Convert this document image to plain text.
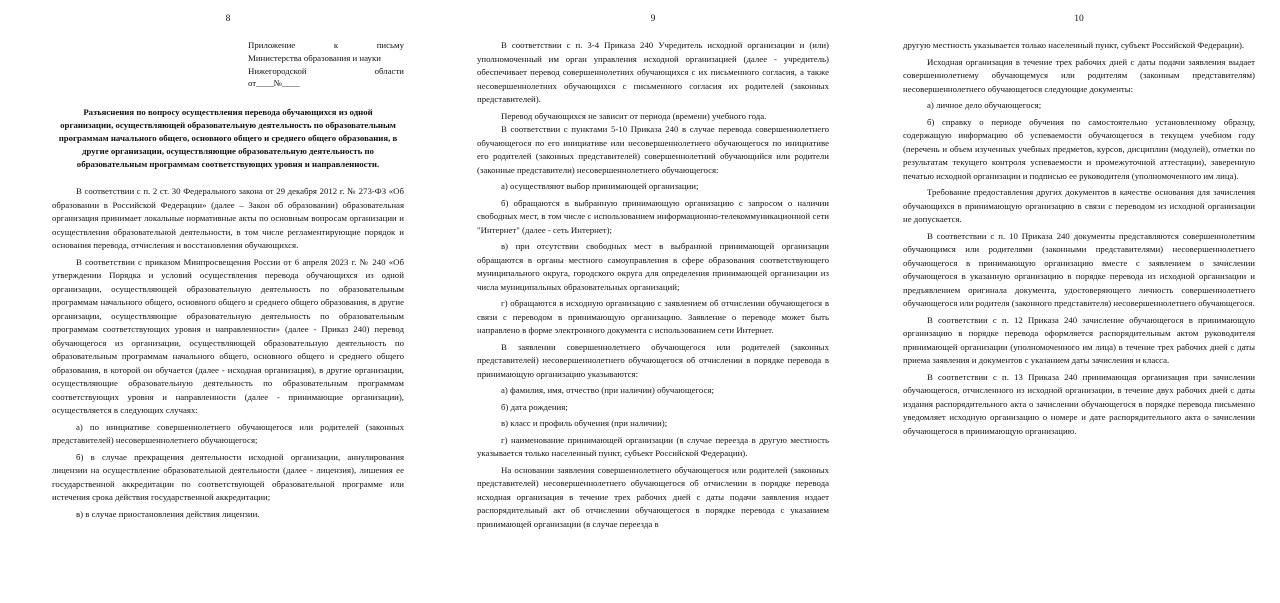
8
Приложение	к	письму
Министерства образования и науки
Нижегородской	области
от____№____
Разъяснения по вопросу осуществления перевода обучающихся из одной организации, осуществляющей образовательную деятельность по образовательным программам начального общего, основного общего и среднего общего образования, в другие организации, осуществляющие образовательную деятельность по образовательным программам соответствующих уровня и направленности.

В соответствии с п. 2 ст. 30 Федерального закона от 29 декабря 2012 г. № 273-ФЗ «Об образовании в Российской Федерации» (далее – Закон об образовании) образовательная организация принимает локальные нормативные акты по основным вопросам организации и осуществления образовательной деятельности, в том числе регламентирующие порядок и основания перевода, отчисления и восстановления обучающихся.

В соответствии с приказом Минпросвещения России от 6 апреля 2023 г. № 240 «Об утверждении Порядка и условий осуществления перевода обучающихся из одной организации, осуществляющей образовательную деятельность по образовательным программам начального общего, основного общего и среднего общего образования, в другие организации, осуществляющие образовательную деятельность по образовательным программам соответствующих уровня и направленности» (далее - Приказ 240) перевод обучающегося из организации, осуществляющей образовательную деятельность по образовательным программам начального общего, основного общего и среднего общего образования, в которой он обучается (далее - исходная организация), в другие организации, осуществляющие образовательную деятельность по образовательным программам соответствующих уровня и направленности (далее - принимающие организации), осуществляется в следующих случаях:

а) по инициативе совершеннолетнего обучающегося или родителей (законных представителей) несовершеннолетнего обучающегося;

б) в случае прекращения деятельности исходной организации, аннулирования лицензии на осуществление образовательной деятельности (далее - лицензия), лишения ее государственной аккредитации по соответствующей образовательной программе или истечения срока действия государственной аккредитации;

в) в случае приостановления действия лицензии.

9

В соответствии с п. 3-4 Приказа 240 Учредитель исходной организации и (или) уполномоченный им орган управления исходной организацией (далее - учредитель) обеспечивает перевод совершеннолетних обучающихся с их письменного согласия, а также несовершеннолетних обучающихся с письменного согласия их родителей (законных представителей).

Перевод обучающихся не зависит от периода (времени) учебного года.

В соответствии с пунктами 5-10 Приказа 240 в случае перевода совершеннолетнего обучающегося по его инициативе или несовершеннолетнего обучающегося по инициативе его родителей (законных представителей) совершеннолетний обучающийся или родители (законные представители) несовершеннолетнего обучающегося:

а) осуществляют выбор принимающей организации;

б) обращаются в выбранную принимающую организацию с запросом о наличии свободных мест, в том числе с использованием информационно-телекоммуникационной сети "Интернет" (далее - сеть Интернет);

в) при отсутствии свободных мест в выбранной принимающей организации обращаются в органы местного самоуправления в сфере образования соответствующего муниципального округа, городского округа для определения принимающей организации из числа муниципальных образовательных организаций;

г) обращаются в исходную организацию с заявлением об отчислении обучающегося в связи с переводом в принимающую организацию. Заявление о переводе может быть направлено в форме электронного документа с использованием сети Интернет.

В заявлении совершеннолетнего обучающегося или родителей (законных представителей) несовершеннолетнего обучающегося об отчислении в порядке перевода в принимающую организацию указываются:

а) фамилия, имя, отчество (при наличии) обучающегося;

б) дата рождения;

в) класс и профиль обучения (при наличии);

г) наименование принимающей организации (в случае переезда в другую местность указывается только населенный пункт, субъект Российской Федерации).

На основании заявления совершеннолетнего обучающегося или родителей (законных представителей) несовершеннолетнего обучающегося об отчислении в порядке перевода исходная организация в течение трех рабочих дней с даты подачи заявления издает распорядительный акт об отчислении обучающегося в порядке перевода с указанием принимающей организации (в случае переезда в

10

другую местность указывается только населенный пункт, субъект Российской Федерации).

Исходная организация в течение трех рабочих дней с даты подачи заявления выдает совершеннолетнему обучающемуся или родителям (законным представителям) несовершеннолетнего обучающегося следующие документы:

а) личное дело обучающегося;

б) справку о периоде обучения по самостоятельно установленному образцу, содержащую информацию об успеваемости обучающегося в текущем учебном году (перечень и объем изученных учебных предметов, курсов, дисциплин (модулей), отметки по результатам текущего контроля успеваемости и промежуточной аттестации), заверенную печатью исходной организации и подписью ее руководителя (уполномоченного им лица).

Требование предоставления других документов в качестве основания для зачисления обучающихся в принимающую организацию в связи с переводом из исходной организации не допускается.

В соответствии с п. 10 Приказа 240 документы представляются совершеннолетним обучающимся или родителями (законными представителями) несовершеннолетнего обучающегося в принимающую организацию вместе с заявлением о зачислении обучающегося в указанную организацию в порядке перевода из исходной организации и предъявлением оригинала документа, удостоверяющего личность совершеннолетнего обучающегося или родителя (законного представителя) несовершеннолетнего обучающегося.

В соответствии с п. 12 Приказа 240 зачисление обучающегося в принимающую организацию в порядке перевода оформляется распорядительным актом руководителя принимающей организации (уполномоченного им лица) в течение трех рабочих дней с даты приема заявления и документов с указанием даты зачисления и класса.

В соответствии с п. 13 Приказа 240 принимающая организация при зачислении обучающегося, отчисленного из исходной организации, в течение двух рабочих дней с даты издания распорядительного акта о зачислении обучающегося в порядке перевода письменно уведомляет исходную организацию о номере и дате распорядительного акта о зачислении обучающегося в принимающую организацию.
